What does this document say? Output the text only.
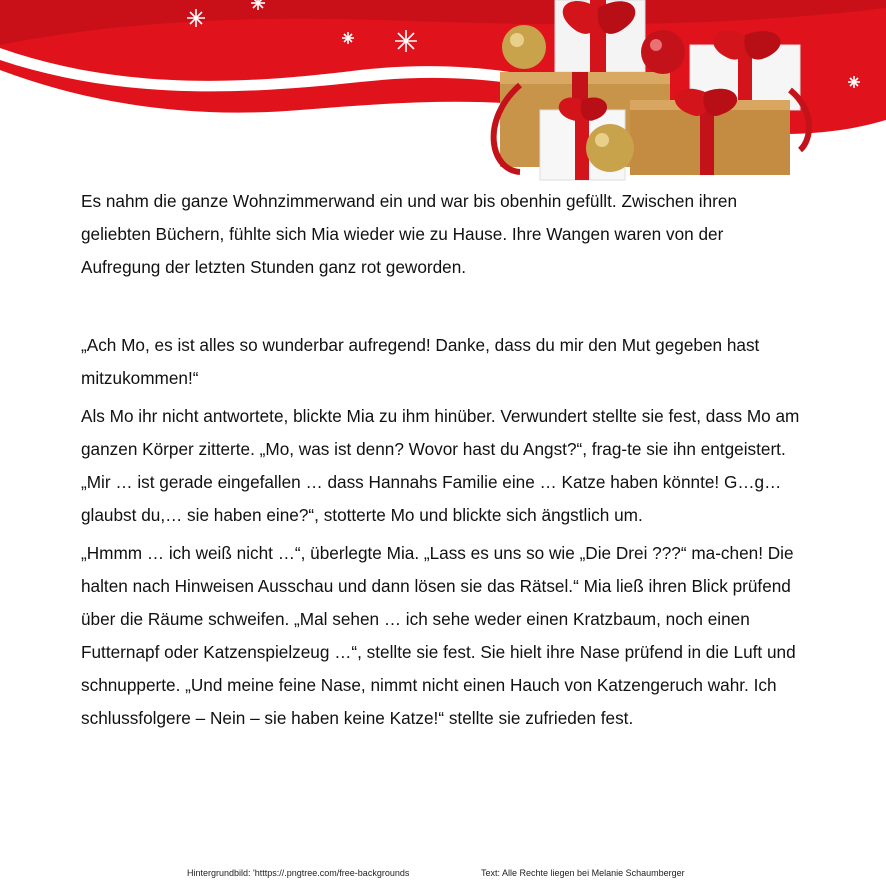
Es nahm die ganze Wohnzimmerwand ein und war bis obenhin gefüllt. Zwischen ihren geliebten Büchern, fühlte sich Mia wieder wie zu Hause. Ihre Wangen waren von der Aufregung der letzten Stunden ganz rot geworden.

„Ach Mo, es ist alles so wunderbar aufregend! Danke, dass du mir den Mut gegeben hast mitzukommen!“

Als Mo ihr nicht antwortete, blickte Mia zu ihm hinüber. Verwundert stellte sie fest, dass Mo am ganzen Körper zitterte. „Mo, was ist denn? Wovor hast du Angst?“, frag-te sie ihn entgeistert.

„Mir … ist gerade eingefallen … dass Hannahs Familie eine … Katze haben könnte! G…g…glaubst du,… sie haben eine?“, stotterte Mo und blickte sich ängstlich um.

„Hmmm … ich weiß nicht …“, überlegte Mia. „Lass es uns so wie „Die Drei ???“ ma-chen! Die halten nach Hinweisen Ausschau und dann lösen sie das Rätsel.“ Mia ließ ihren Blick prüfend über die Räume schweifen. „Mal sehen … ich sehe weder einen Kratzbaum, noch einen Futternapf oder Katzenspielzeug …“, stellte sie fest. Sie hielt ihre Nase prüfend in die Luft und schnupperte. „Und meine feine Nase, nimmt nicht einen Hauch von Katzengeruch wahr. Ich schlussfolgere – Nein – sie haben keine Katze!“ stellte sie zufrieden fest.

Hintergrundbild: 'htttps://.pngtree.com/free-backgrounds	Text: Alle Rechte liegen bei Melanie Schaumberger
